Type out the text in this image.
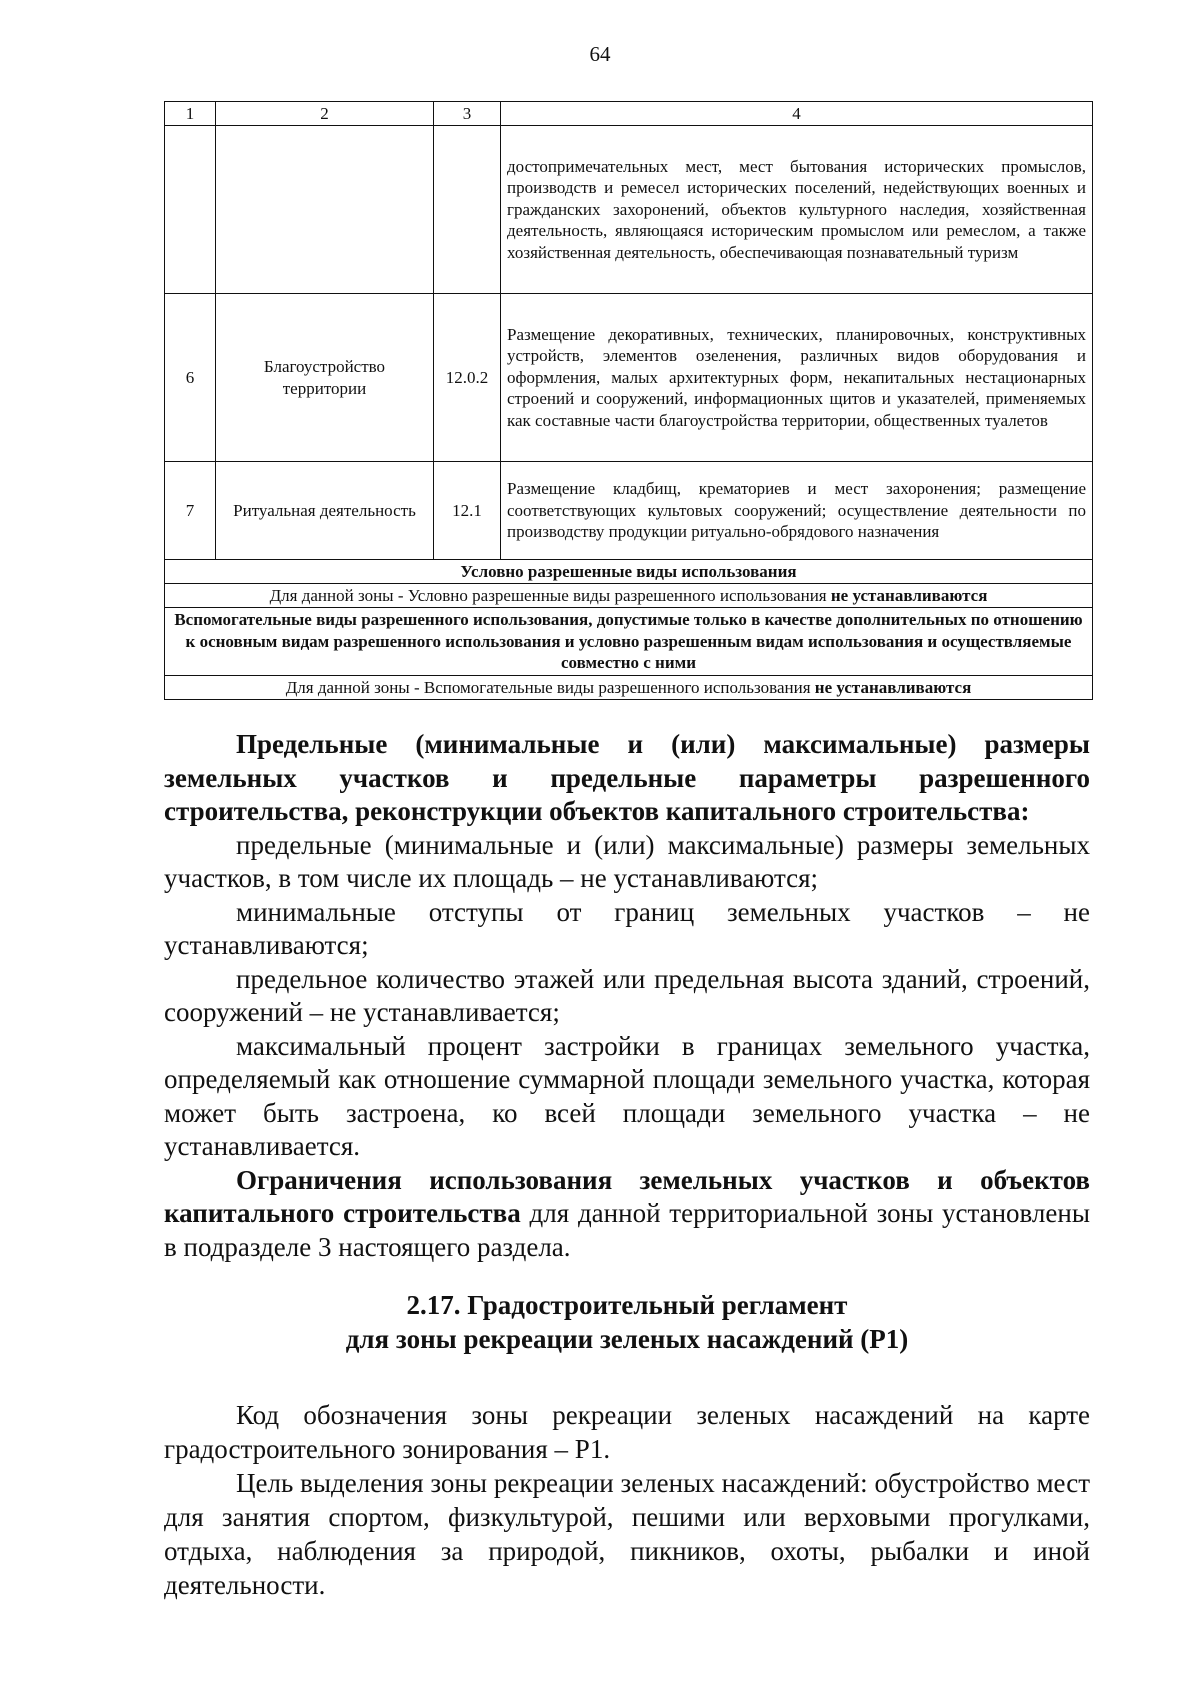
64
1	2	3	4
			достопримечательных мест, мест бытования исторических промыслов, производств и ремесел исторических поселений, недействующих военных и гражданских захоронений, объектов культурного наследия, хозяйственная деятельность, являющаяся историческим промыслом или ремеслом, а также хозяйственная деятельность, обеспечивающая познавательный туризм
6	Благоустройство территории	12.0.2	Размещение декоративных, технических, планировочных, конструктивных устройств, элементов озеленения, различных видов оборудования и оформления, малых архитектурных форм, некапитальных нестационарных строений и сооружений, информационных щитов и указателей, применяемых как составные части благоустройства территории, общественных туалетов
7	Ритуальная деятельность	12.1	Размещение кладбищ, крематориев и мест захоронения; размещение соответствующих культовых сооружений; осуществление деятельности по производству продукции ритуально-обрядового назначения
Условно разрешенные виды использования			
Для данной зоны - Условно разрешенные виды разрешенного использования не устанавливаются			
Вспомогательные виды разрешенного использования, допустимые только в качестве дополнительных по отношению к основным видам разрешенного использования и условно разрешенным видам использования и осуществляемые совместно с ними			
Для данной зоны - Вспомогательные виды разрешенного использования не устанавливаются			

Предельные (минимальные и (или) максимальные) размеры земельных участков и предельные параметры разрешенного строительства, реконструкции объектов капитального строительства:

предельные (минимальные и (или) максимальные) размеры земельных участков, в том числе их площадь – не устанавливаются;

минимальные отступы от границ земельных участков – не устанавливаются;

предельное количество этажей или предельная высота зданий, строений, сооружений – не устанавливается;

максимальный процент застройки в границах земельного участка, определяемый как отношение суммарной площади земельного участка, которая может быть застроена, ко всей площади земельного участка – не устанавливается.

Ограничения использования земельных участков и объектов капитального строительства для данной территориальной зоны установлены в подразделе 3 настоящего раздела.

2.17. Градостроительный регламент
для зоны рекреации зеленых насаждений (Р1)

Код обозначения зоны рекреации зеленых насаждений на карте градостроительного зонирования – Р1.

Цель выделения зоны рекреации зеленых насаждений: обустройство мест для занятия спортом, физкультурой, пешими или верховыми прогулками, отдыха, наблюдения за природой, пикников, охоты, рыбалки и иной деятельности.
